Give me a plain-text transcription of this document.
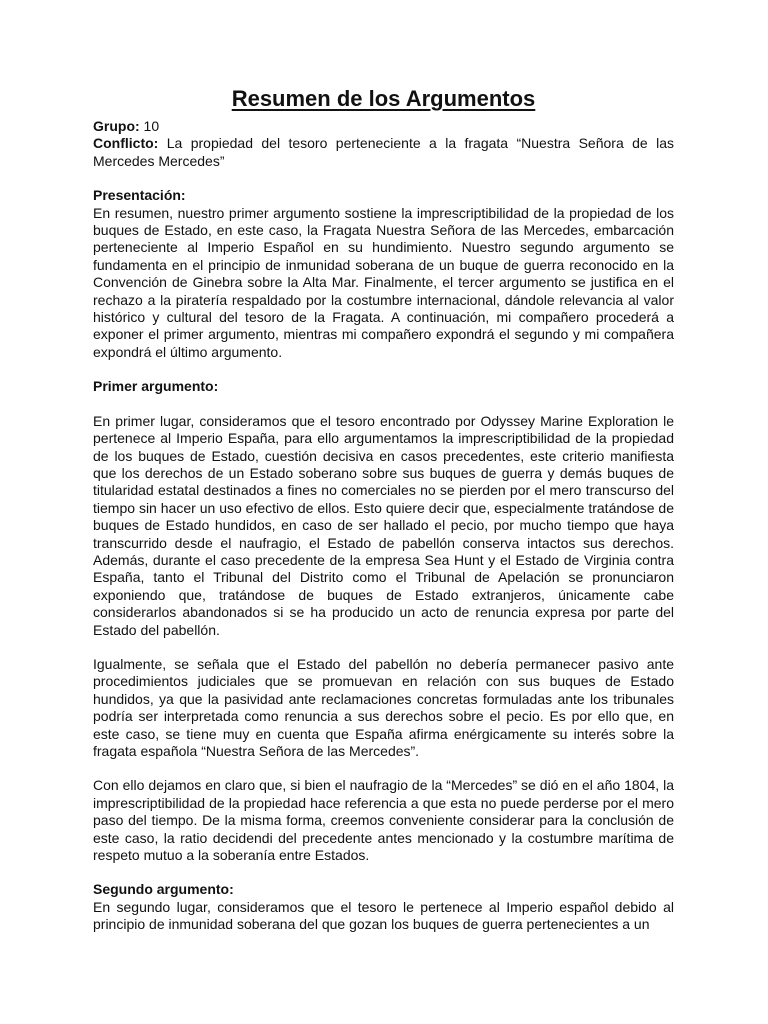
Resumen de los Argumentos

Grupo: 10

Conflicto: La propiedad del tesoro perteneciente a la fragata “Nuestra Señora de las Mercedes Mercedes”

Presentación:

En resumen, nuestro primer argumento sostiene la imprescriptibilidad de la propiedad de los buques de Estado, en este caso, la Fragata Nuestra Señora de las Mercedes, embarcación perteneciente al Imperio Español en su hundimiento. Nuestro segundo argumento se fundamenta en el principio de inmunidad soberana de un buque de guerra reconocido en la Convención de Ginebra sobre la Alta Mar. Finalmente, el tercer argumento se justifica en el rechazo a la piratería respaldado por la costumbre internacional, dándole relevancia al valor histórico y cultural del tesoro de la Fragata. A continuación, mi compañero procederá a exponer el primer argumento, mientras mi compañero expondrá el segundo y mi compañera expondrá el último argumento.

Primer argumento:

En primer lugar, consideramos que el tesoro encontrado por Odyssey Marine Exploration le pertenece al Imperio España, para ello argumentamos la imprescriptibilidad de la propiedad de los buques de Estado, cuestión decisiva en casos precedentes, este criterio manifiesta que los derechos de un Estado soberano sobre sus buques de guerra y demás buques de titularidad estatal destinados a fines no comerciales no se pierden por el mero transcurso del tiempo sin hacer un uso efectivo de ellos. Esto quiere decir que, especialmente tratándose de buques de Estado hundidos, en caso de ser hallado el pecio, por mucho tiempo que haya transcurrido desde el naufragio, el Estado de pabellón conserva intactos sus derechos. Además, durante el caso precedente de la empresa Sea Hunt y el Estado de Virginia contra España, tanto el Tribunal del Distrito como el Tribunal de Apelación se pronunciaron exponiendo que, tratándose de buques de Estado extranjeros, únicamente cabe considerarlos abandonados si se ha producido un acto de renuncia expresa por parte del Estado del pabellón.

Igualmente, se señala que el Estado del pabellón no debería permanecer pasivo ante procedimientos judiciales que se promuevan en relación con sus buques de Estado hundidos, ya que la pasividad ante reclamaciones concretas formuladas ante los tribunales podría ser interpretada como renuncia a sus derechos sobre el pecio. Es por ello que, en este caso, se tiene muy en cuenta que España afirma enérgicamente su interés sobre la fragata española “Nuestra Señora de las Mercedes”.

Con ello dejamos en claro que, si bien el naufragio de la “Mercedes” se dió en el año 1804, la imprescriptibilidad de la propiedad hace referencia a que esta no puede perderse por el mero paso del tiempo. De la misma forma, creemos conveniente considerar para la conclusión de este caso, la ratio decidendi del precedente antes mencionado y la costumbre marítima de respeto mutuo a la soberanía entre Estados.

Segundo argumento:

En segundo lugar, consideramos que el tesoro le pertenece al Imperio español debido al principio de inmunidad soberana del que gozan los buques de guerra pertenecientes a un
